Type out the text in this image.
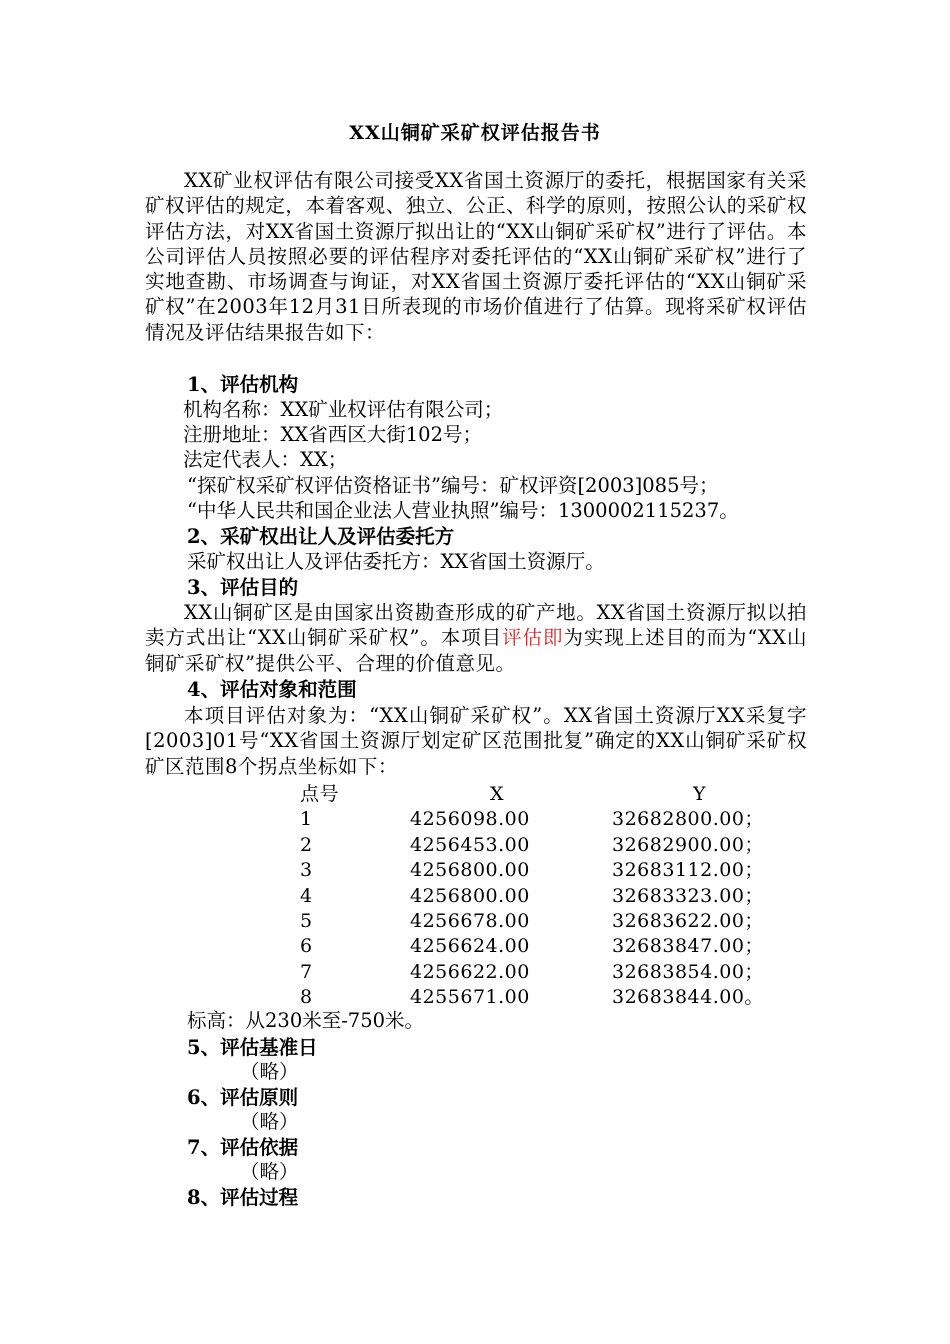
XX山铜矿采矿权评估报告书
XX矿业权评估有限公司接受XX省国土资源厅的委托，根据国家有关采矿权评估的规定，本着客观、独立、公正、科学的原则，按照公认的采矿权评估方法，对XX省国土资源厅拟出让的“XX山铜矿采矿权”进行了评估。本公司评估人员按照必要的评估程序对委托评估的“XX山铜矿采矿权”进行了实地查勘、市场调查与询证，对XX省国土资源厅委托评估的“XX山铜矿采矿权”在2003年12月31日所表现的市场价值进行了估算。现将采矿权评估情况及评估结果报告如下：
1、评估机构
机构名称：XX矿业权评估有限公司；
注册地址：XX省西区大街102号；
法定代表人：XX；
“探矿权采矿权评估资格证书”编号：矿权评资[2003]085号；
“中华人民共和国企业法人营业执照”编号：1300002115237。
2、采矿权出让人及评估委托方
采矿权出让人及评估委托方：XX省国土资源厅。
3、评估目的
XX山铜矿区是由国家出资勘查形成的矿产地。XX省国土资源厅拟以拍卖方式出让“XX山铜矿采矿权”。本项目评估即为实现上述目的而为“XX山铜矿采矿权”提供公平、合理的价值意见。
4、评估对象和范围
本项目评估对象为：“XX山铜矿采矿权”。XX省国土资源厅XX采复字[2003]01号“XX省国土资源厅划定矿区范围批复”确定的XX山铜矿采矿权矿区范围8个拐点坐标如下：
点号	X	Y
1	4256098.00	32682800.00；
2	4256453.00	32682900.00；
3	4256800.00	32683112.00；
4	4256800.00	32683323.00；
5	4256678.00	32683622.00；
6	4256624.00	32683847.00；
7	4256622.00	32683854.00；
8	4255671.00	32683844.00。
标高：从230米至-750米。
5、评估基准日
（略）
6、评估原则
（略）
7、评估依据
（略）
8、评估过程
